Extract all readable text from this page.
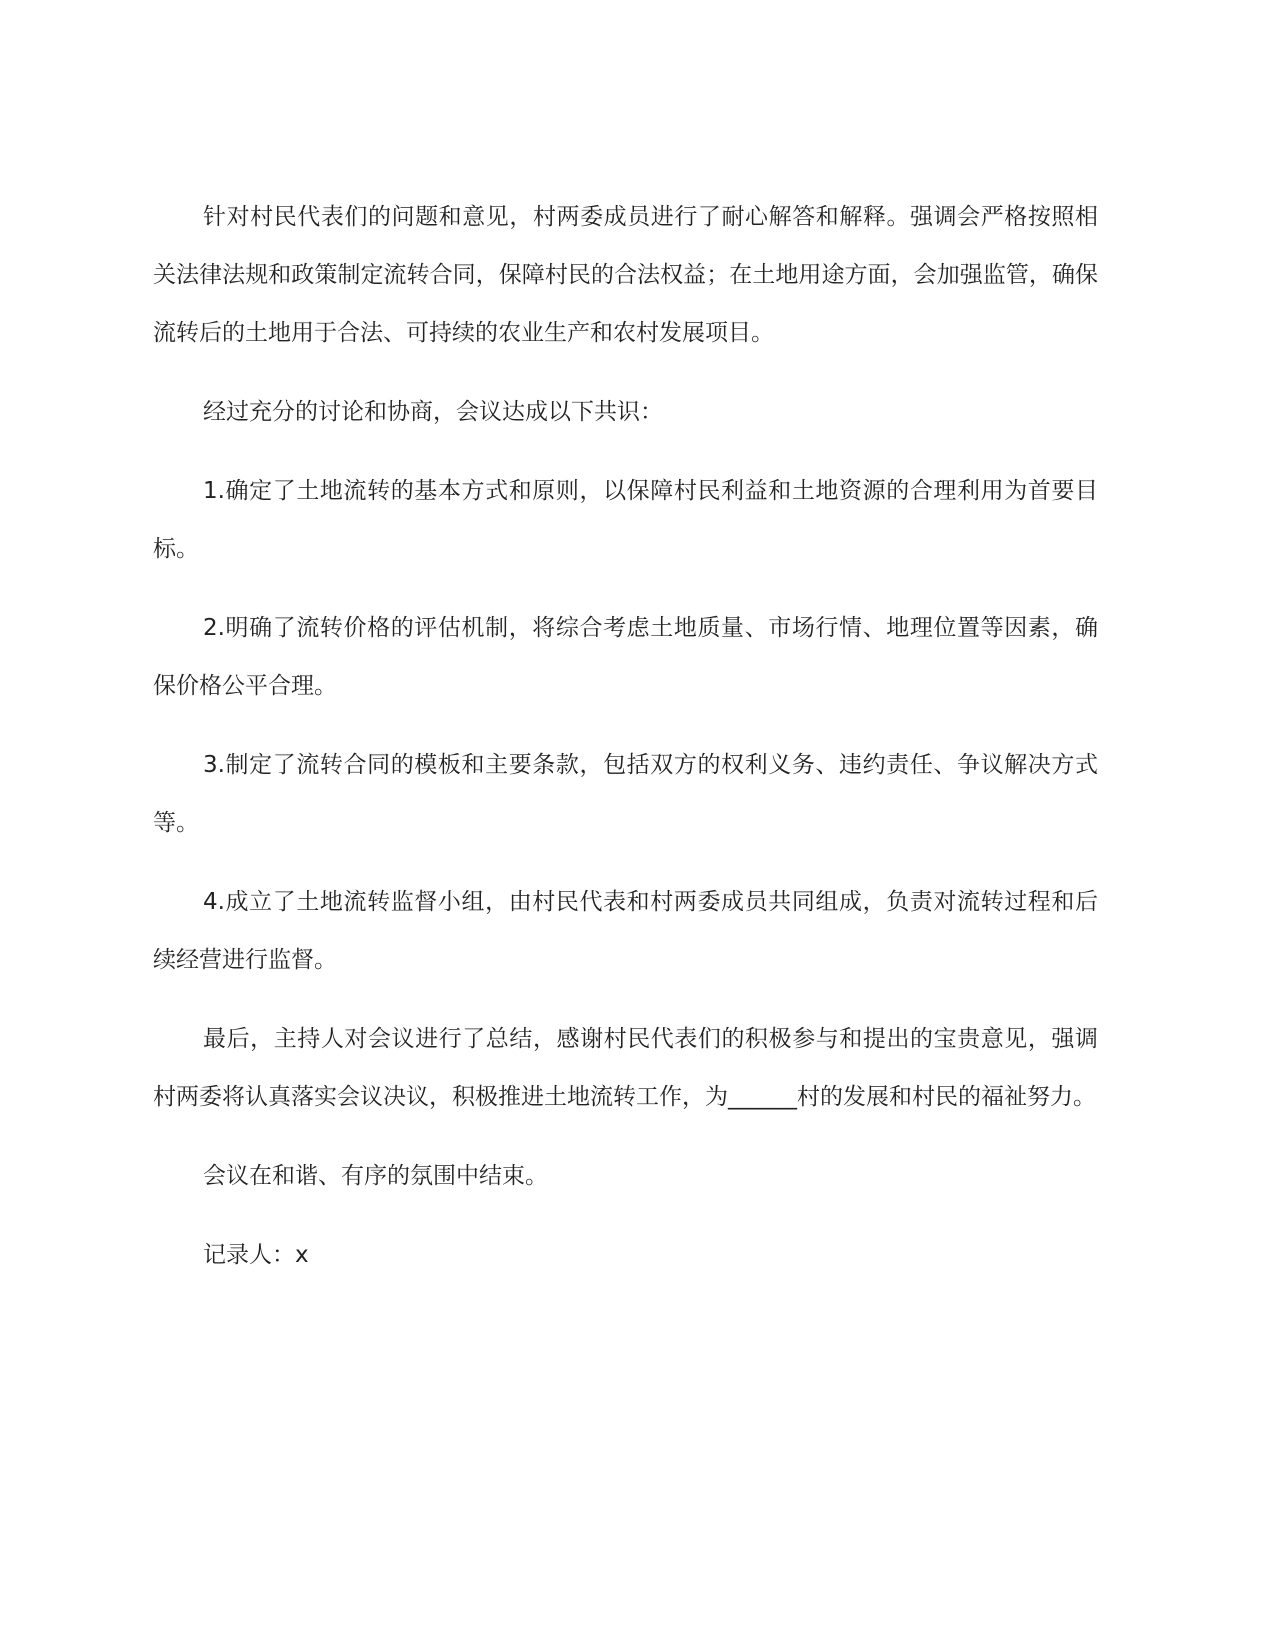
针对村民代表们的问题和意见，村两委成员进行了耐心解答和解释。强调会严格按照相关法律法规和政策制定流转合同，保障村民的合法权益；在土地用途方面，会加强监管，确保流转后的土地用于合法、可持续的农业生产和农村发展项目。

经过充分的讨论和协商，会议达成以下共识：

1.确定了土地流转的基本方式和原则，以保障村民利益和土地资源的合理利用为首要目标。

2.明确了流转价格的评估机制，将综合考虑土地质量、市场行情、地理位置等因素，确保价格公平合理。

3.制定了流转合同的模板和主要条款，包括双方的权利义务、违约责任、争议解决方式等。

4.成立了土地流转监督小组，由村民代表和村两委成员共同组成，负责对流转过程和后续经营进行监督。

最后，主持人对会议进行了总结，感谢村民代表们的积极参与和提出的宝贵意见，强调村两委将认真落实会议决议，积极推进土地流转工作，为______村的发展和村民的福祉努力。

会议在和谐、有序的氛围中结束。

记录人：x
